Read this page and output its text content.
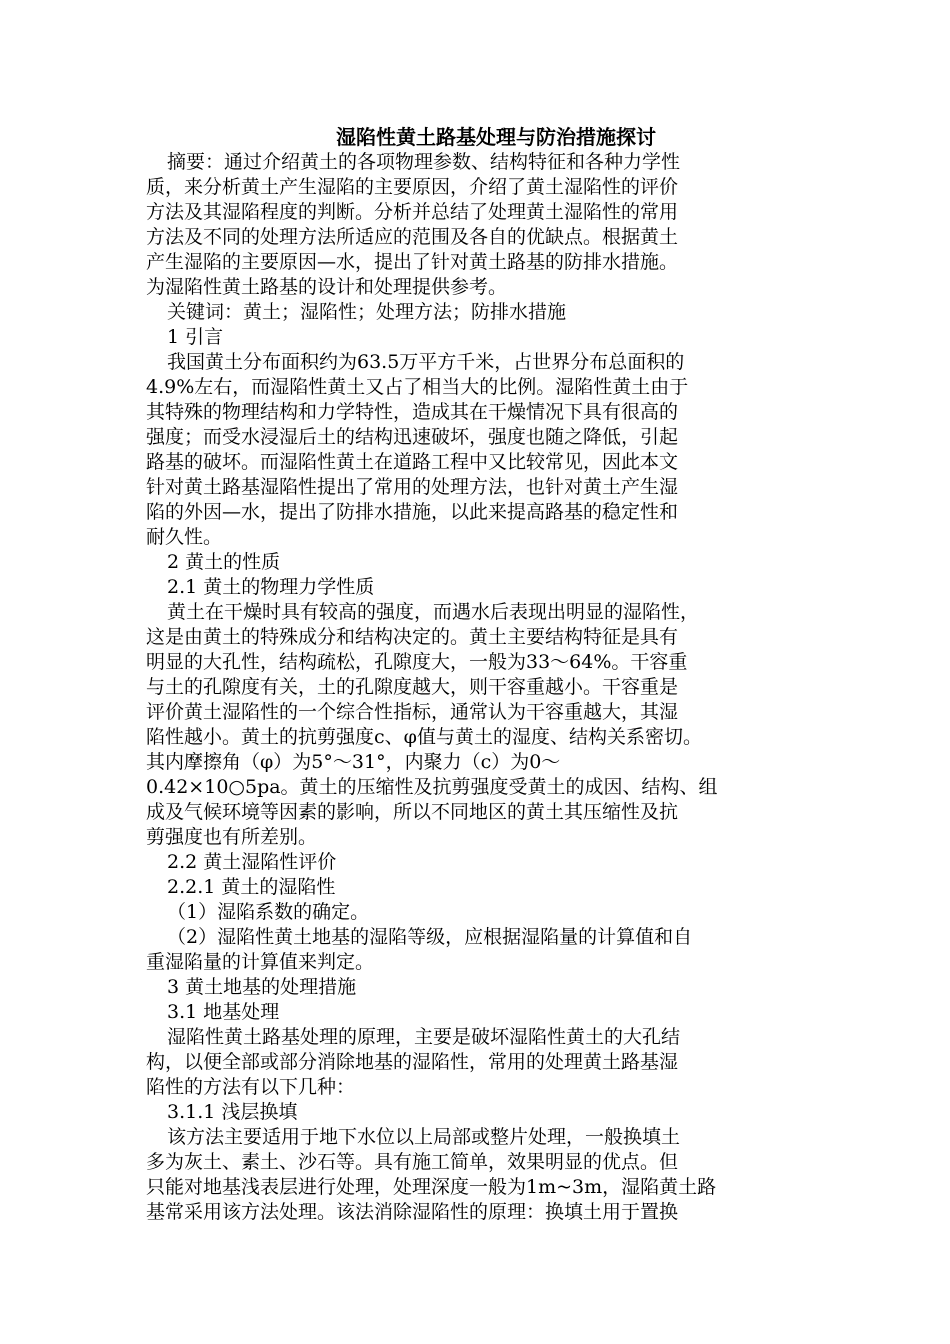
湿陷性黄土路基处理与防治措施探讨
摘要：通过介绍黄土的各项物理参数、结构特征和各种力学性
质，来分析黄土产生湿陷的主要原因，介绍了黄土湿陷性的评价
方法及其湿陷程度的判断。分析并总结了处理黄土湿陷性的常用
方法及不同的处理方法所适应的范围及各自的优缺点。根据黄土
产生湿陷的主要原因—水，提出了针对黄土路基的防排水措施。
为湿陷性黄土路基的设计和处理提供参考。
关键词：黄土；湿陷性；处理方法；防排水措施
1 引言
我国黄土分布面积约为63.5万平方千米，占世界分布总面积的
4.9%左右，而湿陷性黄土又占了相当大的比例。湿陷性黄土由于
其特殊的物理结构和力学特性，造成其在干燥情况下具有很高的
强度；而受水浸湿后土的结构迅速破坏，强度也随之降低，引起
路基的破坏。而湿陷性黄土在道路工程中又比较常见，因此本文
针对黄土路基湿陷性提出了常用的处理方法，也针对黄土产生湿
陷的外因—水，提出了防排水措施，以此来提高路基的稳定性和
耐久性。
2 黄土的性质
2.1 黄土的物理力学性质
黄土在干燥时具有较高的强度，而遇水后表现出明显的湿陷性，
这是由黄土的特殊成分和结构决定的。黄土主要结构特征是具有
明显的大孔性，结构疏松，孔隙度大，一般为33～64%。干容重
与土的孔隙度有关，土的孔隙度越大，则干容重越小。干容重是
评价黄土湿陷性的一个综合性指标，通常认为干容重越大，其湿
陷性越小。黄土的抗剪强度c、φ值与黄土的湿度、结构关系密切。
其内摩擦角（φ）为5°～31°，内聚力（c）为0～
0.42×10○5pa。黄土的压缩性及抗剪强度受黄土的成因、结构、组
成及气候环境等因素的影响，所以不同地区的黄土其压缩性及抗
剪强度也有所差别。
2.2 黄土湿陷性评价
2.2.1 黄土的湿陷性
（1）湿陷系数的确定。
（2）湿陷性黄土地基的湿陷等级，应根据湿陷量的计算值和自
重湿陷量的计算值来判定。
3 黄土地基的处理措施
3.1 地基处理
湿陷性黄土路基处理的原理，主要是破坏湿陷性黄土的大孔结
构，以便全部或部分消除地基的湿陷性，常用的处理黄土路基湿
陷性的方法有以下几种：
3.1.1 浅层换填
该方法主要适用于地下水位以上局部或整片处理，一般换填土
多为灰土、素土、沙石等。具有施工简单，效果明显的优点。但
只能对地基浅表层进行处理，处理深度一般为1m~3m，湿陷黄土路
基常采用该方法处理。该法消除湿陷性的原理：换填土用于置换
